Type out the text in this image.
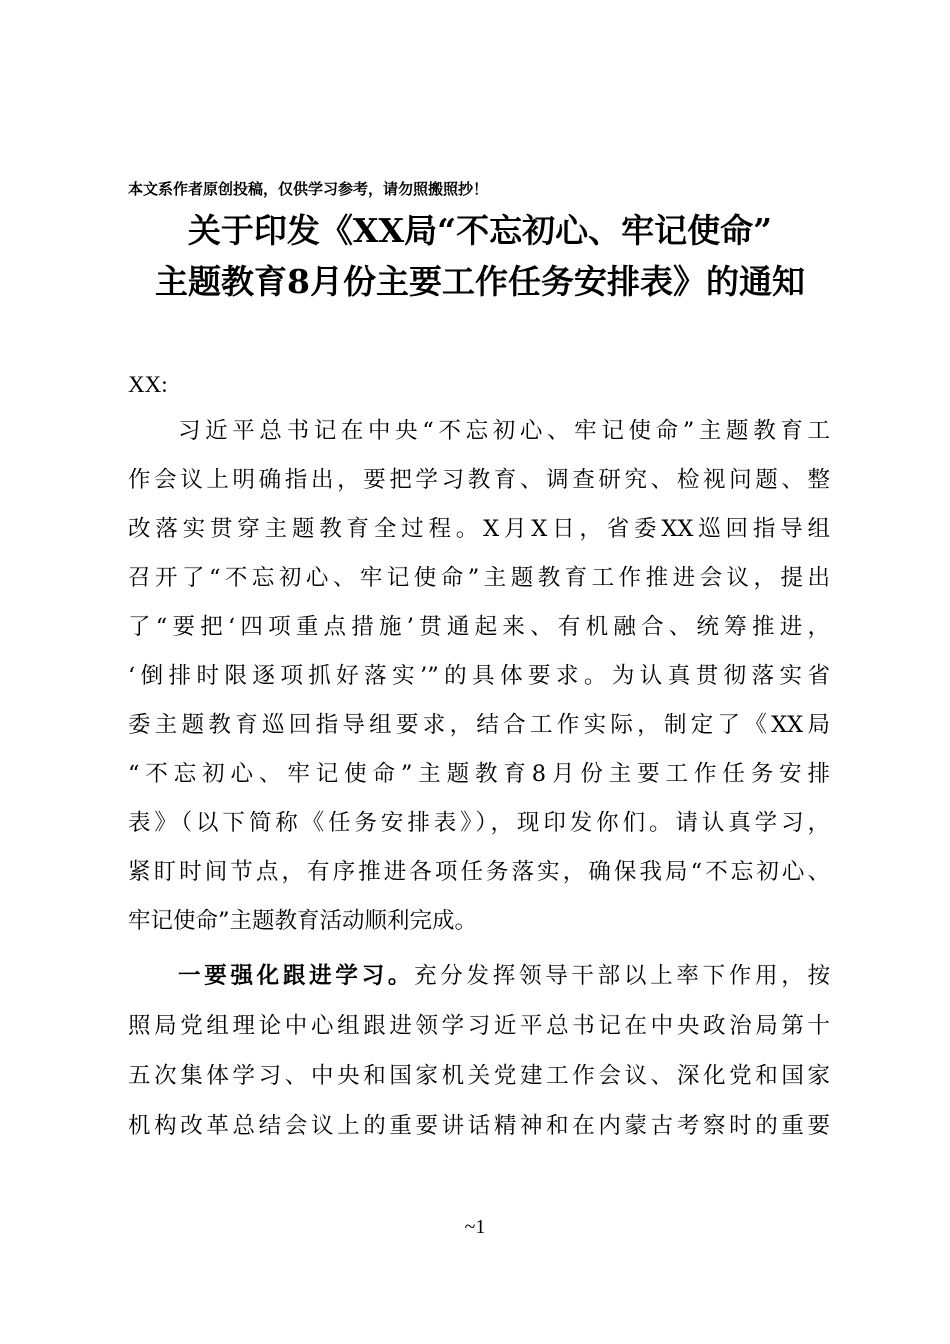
本文系作者原创投稿，仅供学习参考，请勿照搬照抄！
关于印发《XX局“不忘初心、牢记使命”
主题教育8月份主要工作任务安排表》的通知
XX:
习近平总书记在中央“不忘初心、牢记使命”主题教育工
作会议上明确指出，要把学习教育、调查研究、检视问题、整
改落实贯穿主题教育全过程。X月X日，省委XX巡回指导组
召开了“不忘初心、牢记使命”主题教育工作推进会议，提出
了“要把‘四项重点措施’贯通起来、有机融合、统筹推进，
‘倒排时限逐项抓好落实’”的具体要求。为认真贯彻落实省
委主题教育巡回指导组要求，结合工作实际，制定了《XX局
“不忘初心、牢记使命”主题教育8月份主要工作任务安排
表》（以下简称《任务安排表》），现印发你们。请认真学习，
紧盯时间节点，有序推进各项任务落实，确保我局“不忘初心、
牢记使命”主题教育活动顺利完成。
一要强化跟进学习。充分发挥领导干部以上率下作用，按
照局党组理论中心组跟进领学习近平总书记在中央政治局第十
五次集体学习、中央和国家机关党建工作会议、深化党和国家
机构改革总结会议上的重要讲话精神和在内蒙古考察时的重要
~1
